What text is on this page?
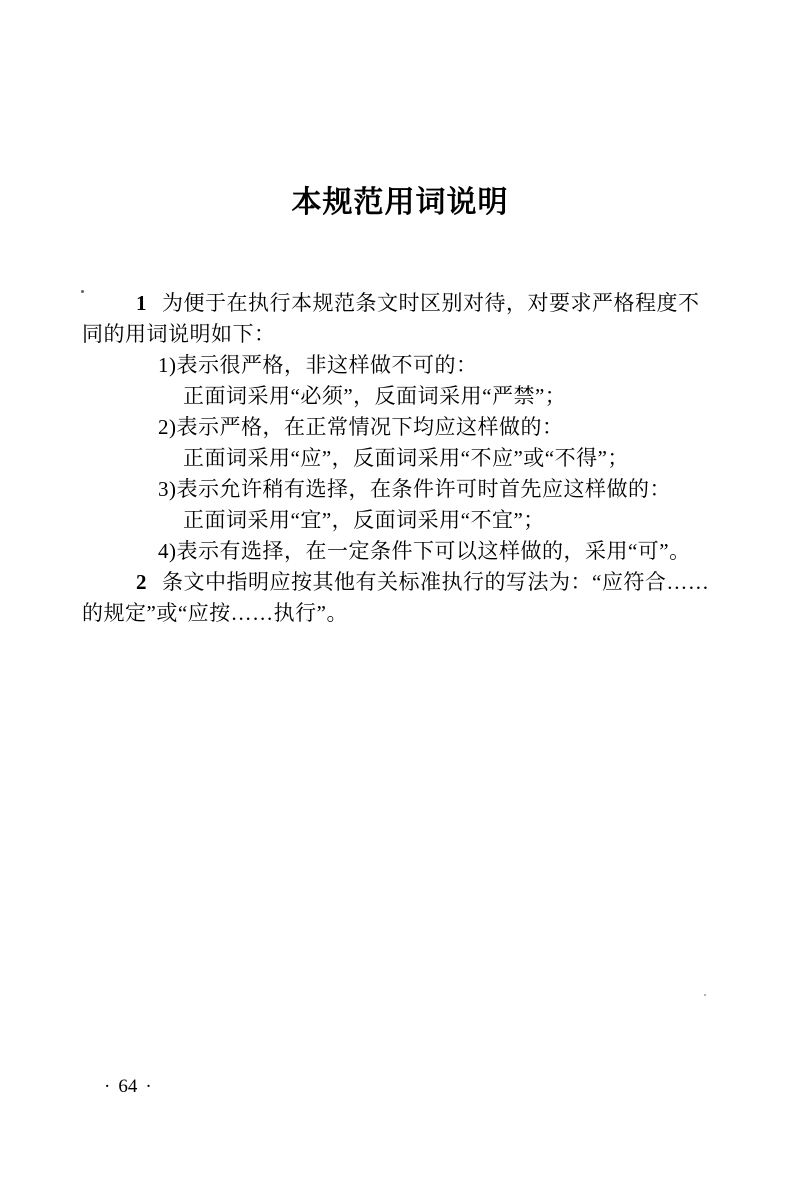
本规范用词说明
1 为便于在执行本规范条文时区别对待，对要求严格程度不
同的用词说明如下：
1)表示很严格，非这样做不可的：
正面词采用“必须”，反面词采用“严禁”；
2)表示严格，在正常情况下均应这样做的：
正面词采用“应”，反面词采用“不应”或“不得”；
3)表示允许稍有选择，在条件许可时首先应这样做的：
正面词采用“宜”，反面词采用“不宜”；
4)表示有选择，在一定条件下可以这样做的，采用“可”。
2 条文中指明应按其他有关标准执行的写法为：“应符合……
的规定”或“应按……执行”。
· 64 ·
